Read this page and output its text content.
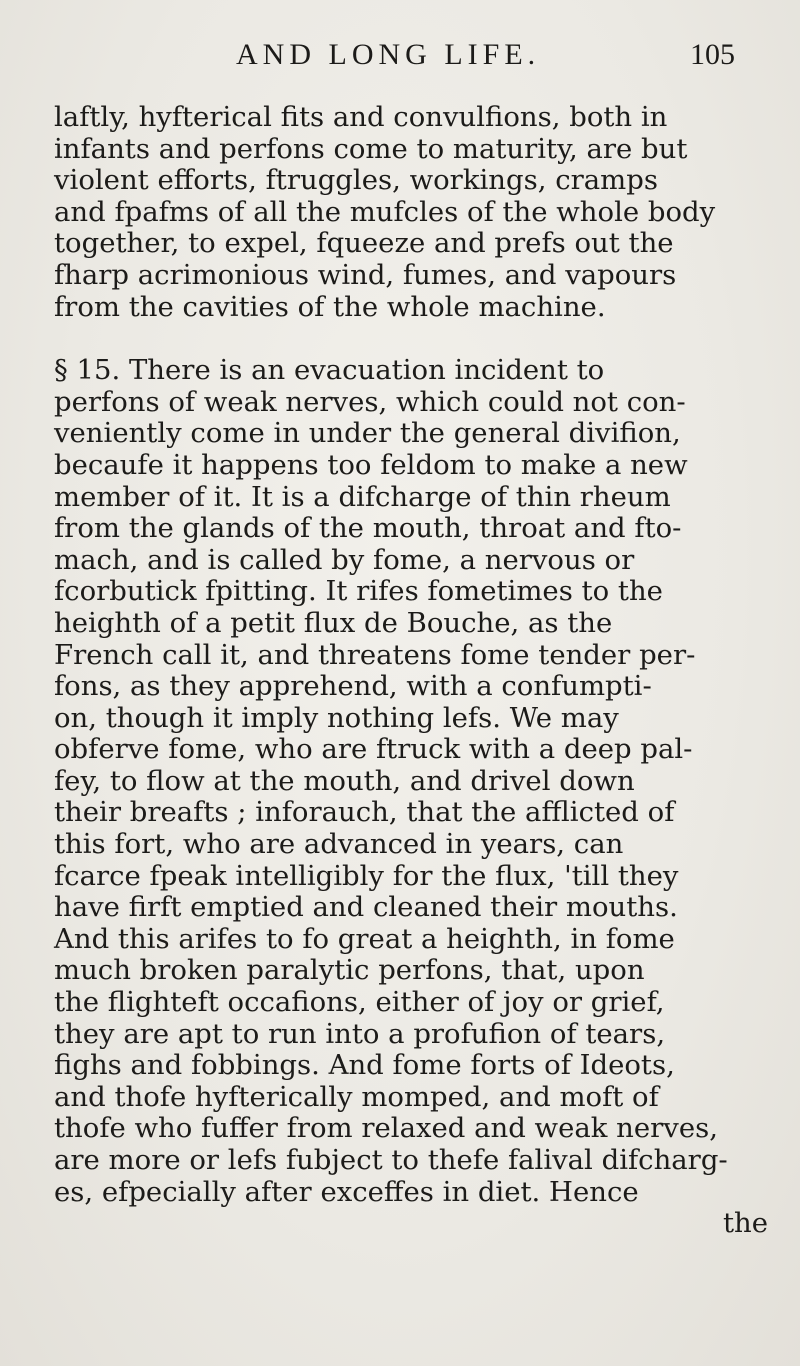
AND LONG LIFE.	105
laftly, hyfterical fits and convulfions, both in
infants and perfons come to maturity, are but
violent efforts, ftruggles, workings, cramps
and fpafms of all the mufcles of the whole body
together, to expel, fqueeze and prefs out the
fharp acrimonious wind, fumes, and vapours
from the cavities of the whole machine.
§ 15. There is an evacuation incident to
perfons of weak nerves, which could not con-
veniently come in under the general divifion,
becaufe it happens too feldom to make a new
member of it. It is a difcharge of thin rheum
from the glands of the mouth, throat and fto-
mach, and is called by fome, a nervous or
fcorbutick fpitting. It rifes fometimes to the
heighth of a petit flux de Bouche, as the
French call it, and threatens fome tender per-
fons, as they apprehend, with a confumpti-
on, though it imply nothing lefs. We may
obferve fome, who are ftruck with a deep pal-
fey, to flow at the mouth, and drivel down
their breafts ; inforauch, that the afflicted of
this fort, who are advanced in years, can
fcarce fpeak intelligibly for the flux, 'till they
have firft emptied and cleaned their mouths.
And this arifes to fo great a heighth, in fome
much broken paralytic perfons, that, upon
the flighteft occafions, either of joy or grief,
they are apt to run into a profufion of tears,
fighs and fobbings. And fome forts of Ideots,
and thofe hyfterically momped, and moft of
thofe who fuffer from relaxed and weak nerves,
are more or lefs fubject to thefe falival difcharg-
es, efpecially after exceffes in diet. Hence
the
